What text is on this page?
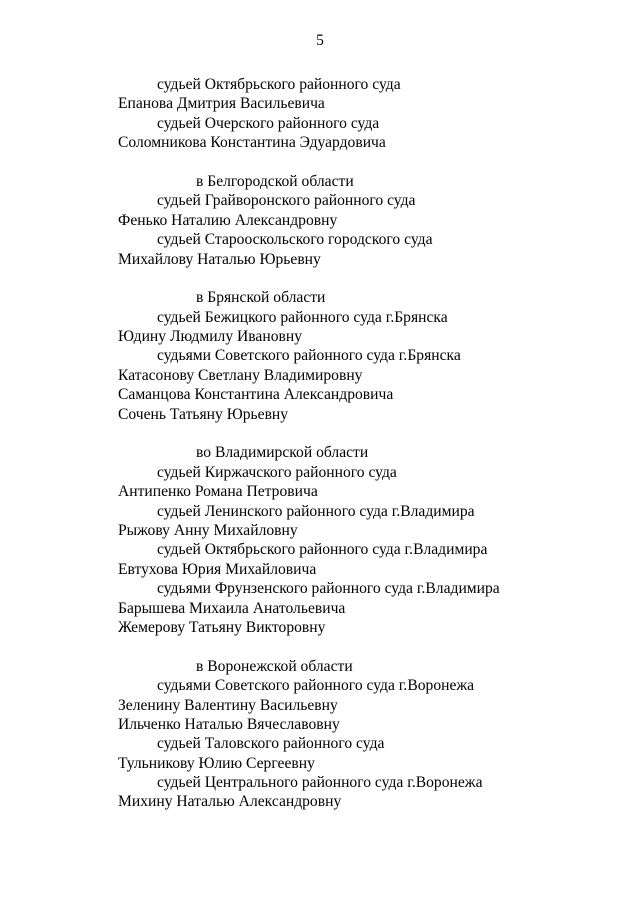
5
судьей Октябрьского районного суда
Епанова Дмитрия Васильевича
судьей Очерского районного суда
Соломникова Константина Эдуардовича
в Белгородской области
судьей Грайворонского районного суда
Фенько Наталию Александровну
судьей Старооскольского городского суда
Михайлову Наталью Юрьевну
в Брянской области
судьей Бежицкого районного суда г.Брянска
Юдину Людмилу Ивановну
судьями Советского районного суда г.Брянска
Катасонову Светлану Владимировну
Саманцова Константина Александровича
Сочень Татьяну Юрьевну
во Владимирской области
судьей Киржачского районного суда
Антипенко Романа Петровича
судьей Ленинского районного суда г.Владимира
Рыжову Анну Михайловну
судьей Октябрьского районного суда г.Владимира
Евтухова Юрия Михайловича
судьями Фрунзенского районного суда г.Владимира
Барышева Михаила Анатольевича
Жемерову Татьяну Викторовну
в Воронежской области
судьями Советского районного суда г.Воронежа
Зеленину Валентину Васильевну
Ильченко Наталью Вячеславовну
судьей Таловского районного суда
Тульникову Юлию Сергеевну
судьей Центрального районного суда г.Воронежа
Михину Наталью Александровну
